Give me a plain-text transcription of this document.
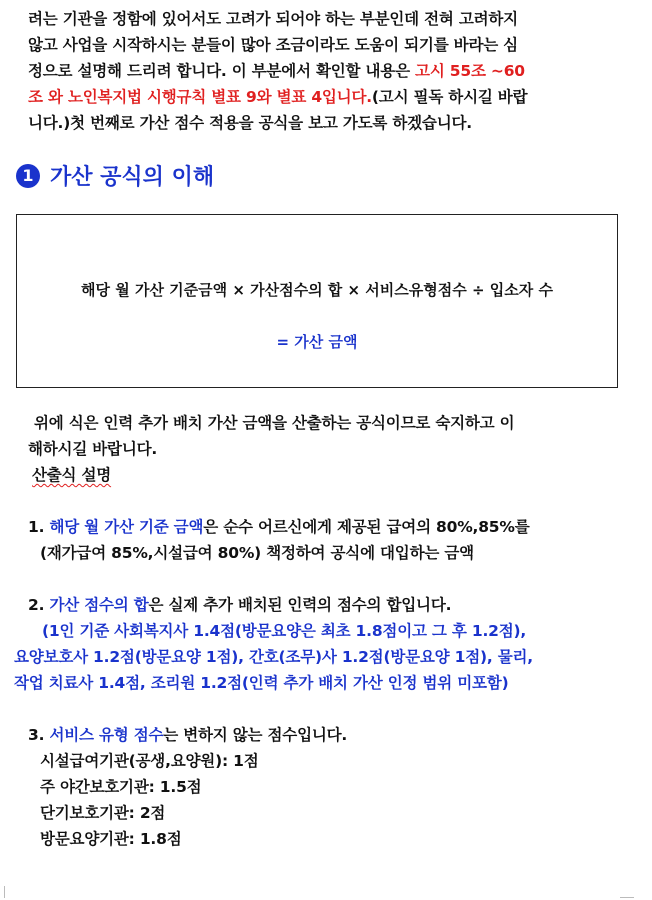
려는 기관을 정함에 있어서도 고려가 되어야 하는 부분인데 전혀 고려하지
않고 사업을 시작하시는 분들이 많아 조금이라도 도움이 되기를 바라는 심
정으로 설명해 드리려 합니다. 이 부분에서 확인할 내용은 고시 55조 ~60
조 와 노인복지법 시행규칙 별표 9와 별표 4입니다.(고시 필독 하시길 바랍
니다.)첫 번째로 가산 점수 적용을 공식을 보고 가도록 하겠습니다.
1 가산 공식의 이해
해당 월 가산 기준금액 × 가산점수의 합 × 서비스유형점수 ÷ 입소자 수
= 가산 금액
위에 식은 인력 추가 배치 가산 금액을 산출하는 공식이므로 숙지하고 이
해하시길 바랍니다.
산출식 설명
1. 해당 월 가산 기준 금액은 순수 어르신에게 제공된 급여의 80%,85%를
(재가급여 85%,시설급여 80%) 책정하여 공식에 대입하는 금액
2. 가산 점수의 합은 실제 추가 배치된 인력의 점수의 합입니다.
(1인 기준 사회복지사 1.4점(방문요양은 최초 1.8점이고 그 후 1.2점),
요양보호사 1.2점(방문요양 1점), 간호(조무)사 1.2점(방문요양 1점), 물리,
작업 치료사 1.4점, 조리원 1.2점(인력 추가 배치 가산 인정 범위 미포함)
3. 서비스 유형 점수는 변하지 않는 점수입니다.
시설급여기관(공생,요양원): 1점
주 야간보호기관: 1.5점
단기보호기관: 2점
방문요양기관: 1.8점
